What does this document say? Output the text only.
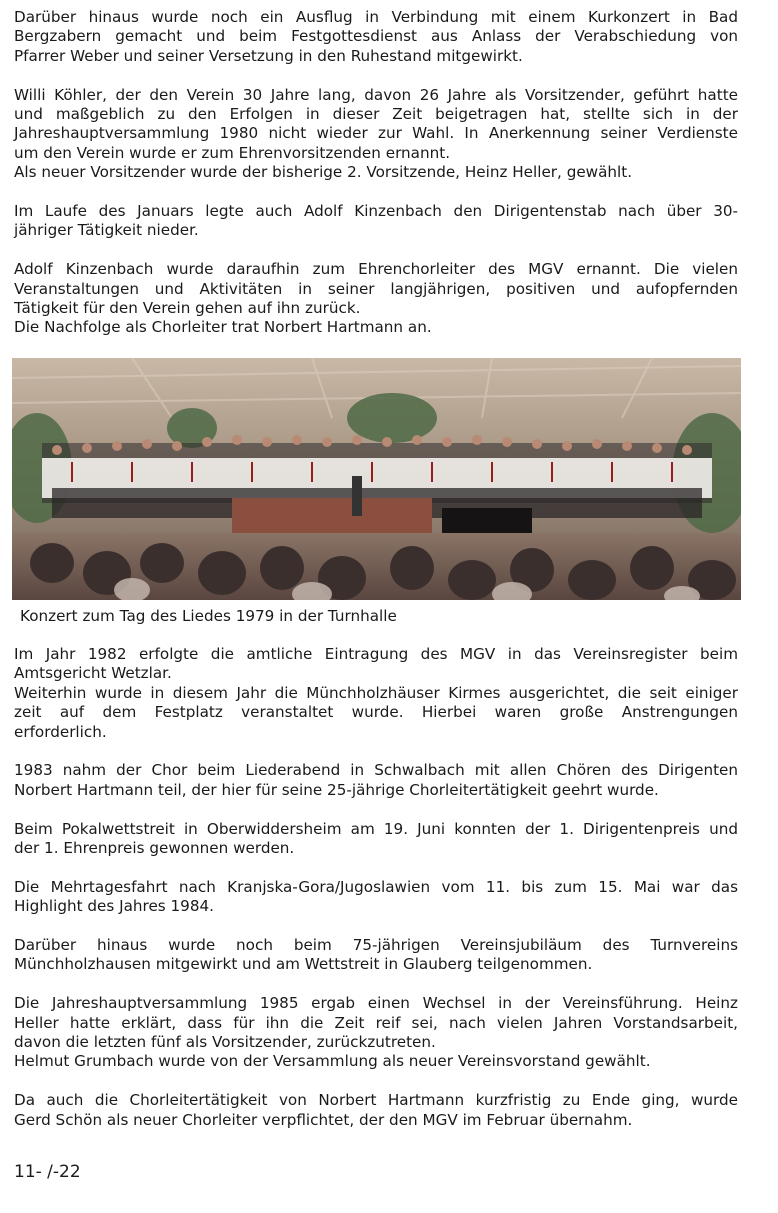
Darüber hinaus wurde noch ein Ausflug in Verbindung mit einem Kurkonzert in Bad
Bergzabern gemacht und beim Festgottesdienst aus Anlass der Verabschiedung von
Pfarrer Weber und seiner Versetzung in den Ruhestand mitgewirkt.

Willi Köhler, der den Verein 30 Jahre lang, davon 26 Jahre als Vorsitzender, geführt hatte
und maßgeblich zu den Erfolgen in dieser Zeit beigetragen hat, stellte sich in der
Jahreshauptversammlung 1980 nicht wieder zur Wahl. In Anerkennung seiner Verdienste
um den Verein wurde er zum Ehrenvorsitzenden ernannt.
Als neuer Vorsitzender wurde der bisherige 2. Vorsitzende, Heinz Heller, gewählt.

Im Laufe des Januars legte auch Adolf Kinzenbach den Dirigentenstab nach über 30-
jähriger Tätigkeit nieder.

Adolf Kinzenbach wurde daraufhin zum Ehrenchorleiter des MGV ernannt. Die vielen
Veranstaltungen und Aktivitäten in seiner langjährigen, positiven und aufopfernden
Tätigkeit für den Verein gehen auf ihn zurück.
Die Nachfolge als Chorleiter trat Norbert Hartmann an.

Konzert zum Tag des Liedes 1979 in der Turnhalle

Im Jahr 1982 erfolgte die amtliche Eintragung des MGV in das Vereinsregister beim
Amtsgericht Wetzlar.
Weiterhin wurde in diesem Jahr die Münchholzhäuser Kirmes ausgerichtet, die seit einiger
zeit auf dem Festplatz veranstaltet wurde. Hierbei waren große Anstrengungen
erforderlich.

1983 nahm der Chor beim Liederabend in Schwalbach mit allen Chören des Dirigenten
Norbert Hartmann teil, der hier für seine 25-jährige Chorleitertätigkeit geehrt wurde.

Beim Pokalwettstreit in Oberwiddersheim am 19. Juni konnten der 1. Dirigentenpreis und
der 1. Ehrenpreis gewonnen werden.

Die Mehrtagesfahrt nach Kranjska-Gora/Jugoslawien vom 11. bis zum 15. Mai war das
Highlight des Jahres 1984.

Darüber hinaus wurde noch beim 75-jährigen Vereinsjubiläum des Turnvereins
Münchholzhausen mitgewirkt und am Wettstreit in Glauberg teilgenommen.

Die Jahreshauptversammlung 1985 ergab einen Wechsel in der Vereinsführung. Heinz
Heller hatte erklärt, dass für ihn die Zeit reif sei, nach vielen Jahren Vorstandsarbeit,
davon die letzten fünf als Vorsitzender, zurückzutreten.
Helmut Grumbach wurde von der Versammlung als neuer Vereinsvorstand gewählt.

Da auch die Chorleitertätigkeit von Norbert Hartmann kurzfristig zu Ende ging, wurde
Gerd Schön als neuer Chorleiter verpflichtet, der den MGV im Februar übernahm.

11- /-22
